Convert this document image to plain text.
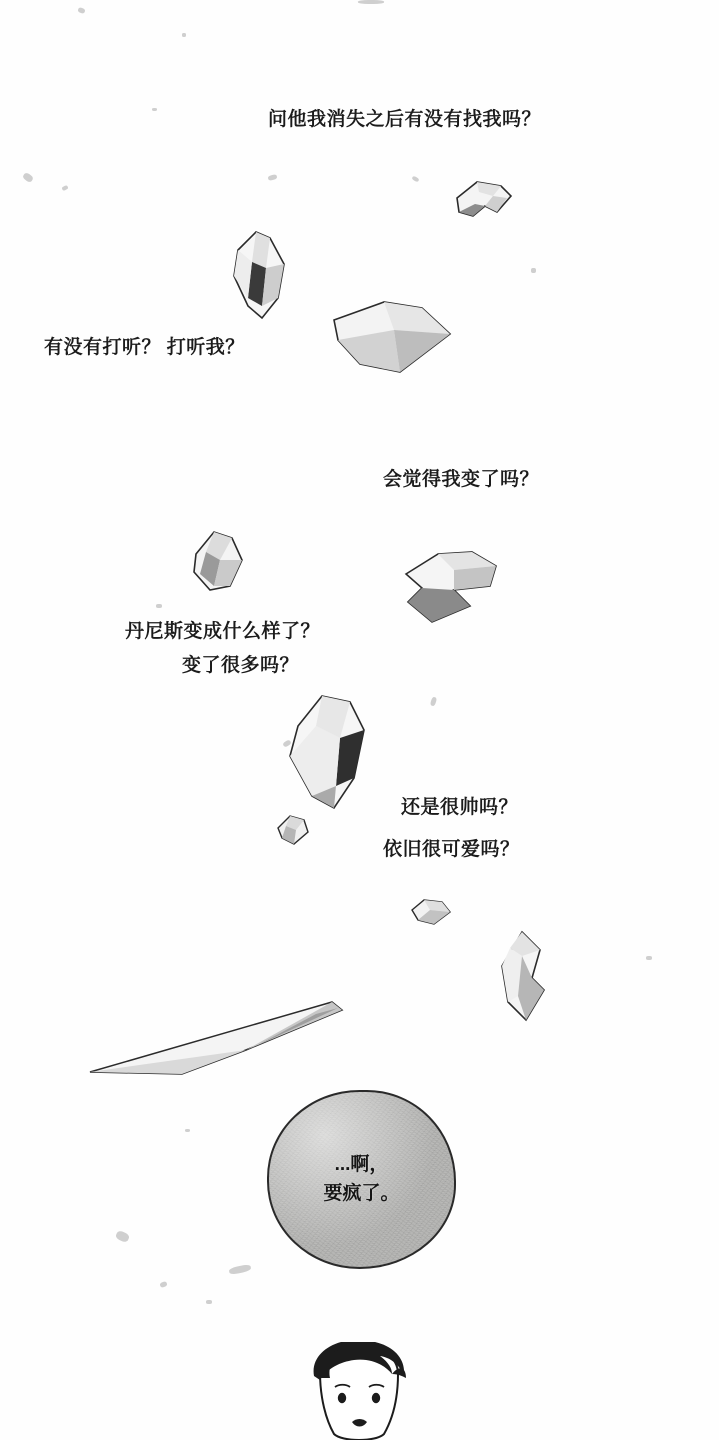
问他我消失之后有没有找我吗？
有没有打听？ 打听我？
会觉得我变了吗？
丹尼斯变成什么样了？
变了很多吗？
还是很帅吗？
依旧很可爱吗？
...啊，
要疯了。
